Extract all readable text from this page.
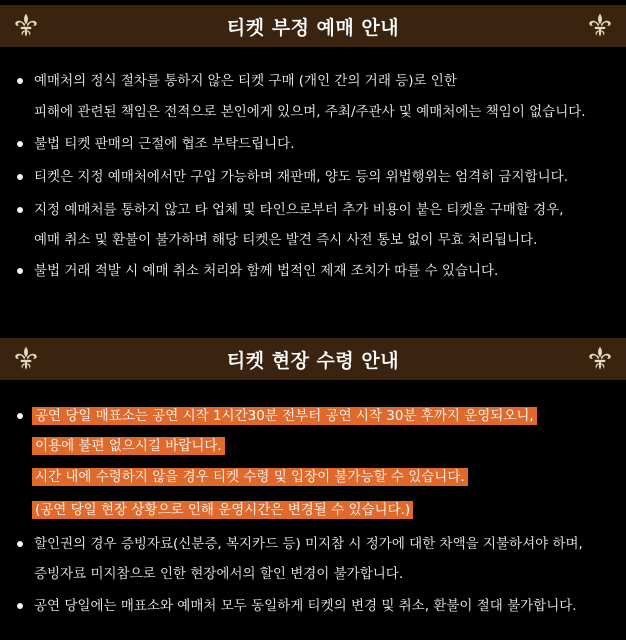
티켓 부정 예매 안내
예매처의 정식 절차를 통하지 않은 티켓 구매 (개인 간의 거래 등)로 인한
피해에 관련된 책임은 전적으로 본인에게 있으며, 주최/주관사 및 예매처에는 책임이 없습니다.
불법 티켓 판매의 근절에 협조 부탁드립니다.
티켓은 지정 예매처에서만 구입 가능하며 재판매, 양도 등의 위법행위는 엄격히 금지합니다.
지정 예매처를 통하지 않고 타 업체 및 타인으로부터 추가 비용이 붙은 티켓을 구매할 경우,
예매 취소 및 환불이 불가하며 해당 티켓은 발견 즉시 사전 통보 없이 무효 처리됩니다.
불법 거래 적발 시 예매 취소 처리와 함께 법적인 제재 조치가 따를 수 있습니다.
티켓 현장 수령 안내
공연 당일 매표소는 공연 시작 1시간30분 전부터 공연 시작 30분 후까지 운영되오니,
이용에 불편 없으시길 바랍니다.
시간 내에 수령하지 않을 경우 티켓 수령 및 입장이 불가능할 수 있습니다.
(공연 당일 현장 상황으로 인해 운영시간은 변경될 수 있습니다.)
할인권의 경우 증빙자료(신분증, 복지카드 등) 미지참 시 정가에 대한 차액을 지불하셔야 하며,
증빙자료 미지참으로 인한 현장에서의 할인 변경이 불가합니다.
공연 당일에는 매표소와 예매처 모두 동일하게 티켓의 변경 및 취소, 환불이 절대 불가합니다.
